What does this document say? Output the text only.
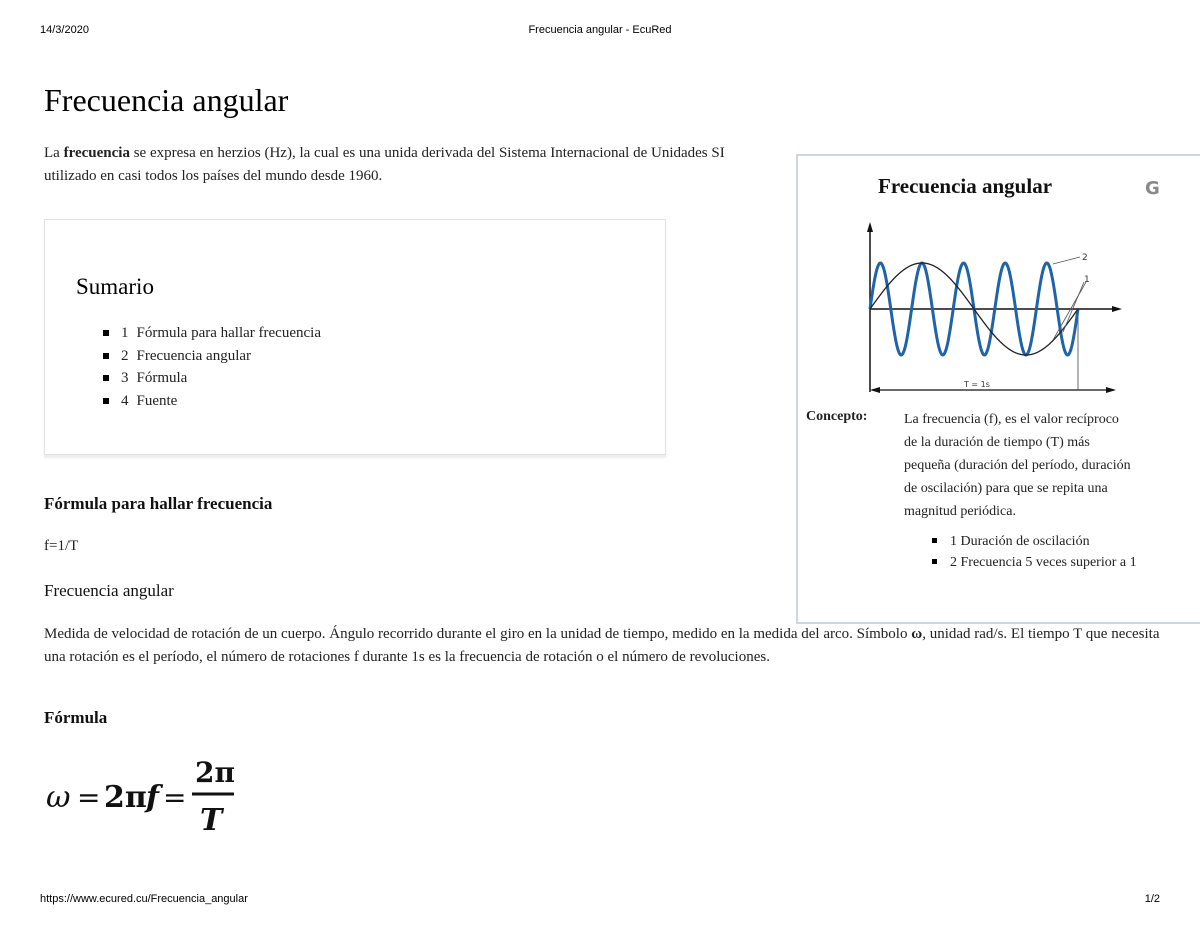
14/3/2020	Frecuencia angular - EcuRed
Frecuencia angular

La frecuencia se expresa en herzios (Hz), la cual es una unida derivada del Sistema Internacional de Unidades SI utilizado en casi todos los países del mundo desde 1960.

Sumario
1 Fórmula para hallar frecuencia
2 Frecuencia angular
3 Fórmula
4 Fuente
Fórmula para hallar frecuencia
f=1/T
Frecuencia angular

Medida de velocidad de rotación de un cuerpo. Ángulo recorrido durante el giro en la unidad de tiempo, medido en la medida del arco. Símbolo ω, unidad rad/s. El tiempo T que necesita una rotación es el período, el número de rotaciones f durante 1s es la frecuencia de rotación o el número de revoluciones.

Fórmula
ω = 2π f =
2π
T
Frecuencia angular	G
2
1
T = 1s
Concepto:	La frecuencia (f), es el valor recíproco
de la duración de tiempo (T) más
pequeña (duración del período, duración
de oscilación) para que se repita una
magnitud periódica.
1 Duración de oscilación
2 Frecuencia 5 veces superior a 1
https://www.ecured.cu/Frecuencia_angular	1/2
